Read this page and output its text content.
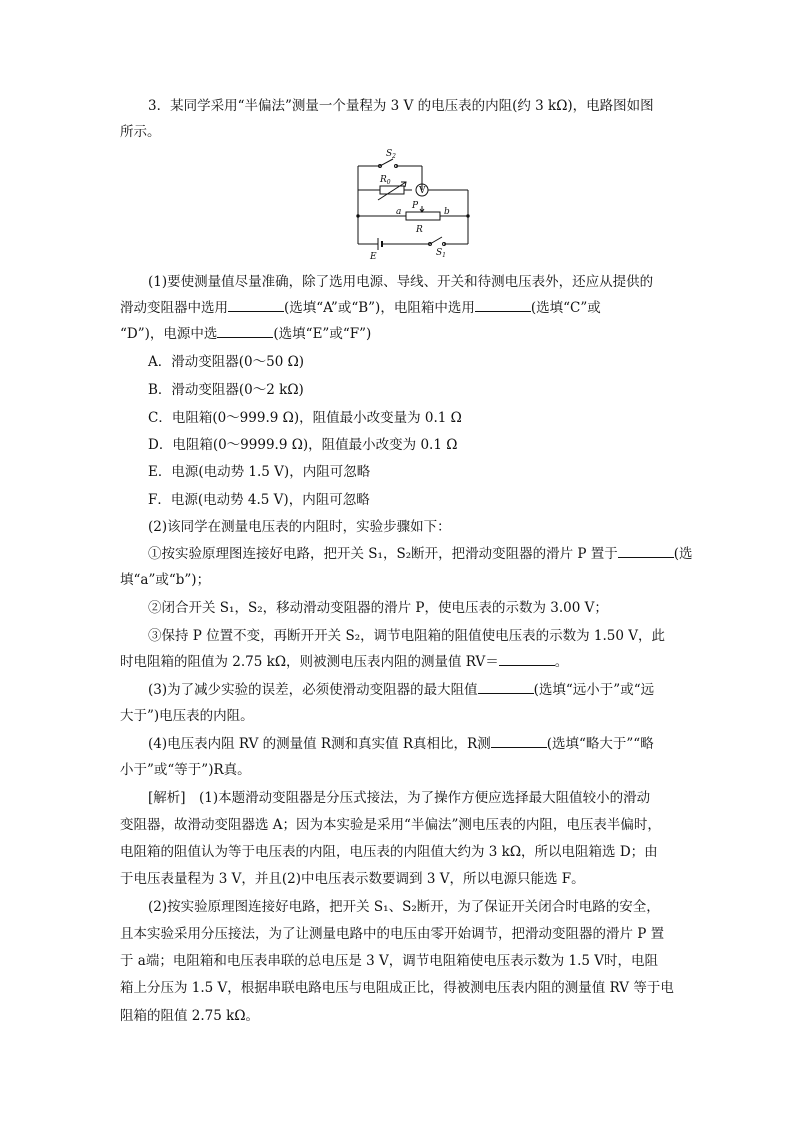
3．某同学采用“半偏法”测量一个量程为 3 V 的电压表的内阻(约 3 kΩ)，电路图如图
所示。
$S_2$
$R_0$
V
a
P
b
R
E	$S_1$
(1)要使测量值尽量准确，除了选用电源、导线、开关和待测电压表外，还应从提供的
滑动变阻器中选用	(选填“A”或“B”)，电阻箱中选用	(选填“C”或
“D”)，电源中选	(选填“E”或“F”)
A．滑动变阻器(0～50 Ω)
B．滑动变阻器(0～2 kΩ)
C．电阻箱(0～999.9 Ω)，阻值最小改变量为 0.1 Ω
D．电阻箱(0～9999.9 Ω)，阻值最小改变为 0.1 Ω
E．电源(电动势 1.5 V)，内阻可忽略
F．电源(电动势 4.5 V)，内阻可忽略
(2)该同学在测量电压表的内阻时，实验步骤如下：
①按实验原理图连接好电路，把开关 S₁，S₂断开，把滑动变阻器的滑片 P 置于	(选
填“a”或“b”)；
②闭合开关 S₁，S₂，移动滑动变阻器的滑片 P，使电压表的示数为 3.00 V；
③保持 P 位置不变，再断开开关 S₂，调节电阻箱的阻值使电压表的示数为 1.50 V，此
时电阻箱的阻值为 2.75 kΩ，则被测电压表内阻的测量值 RV＝	。
(3)为了减少实验的误差，必须使滑动变阻器的最大阻值	(选填“远小于”或“远
大于”)电压表的内阻。
(4)电压表内阻 RV 的测量值 R测和真实值 R真相比，R测	(选填“略大于”“略
小于”或“等于”)R真。
[解析]　(1)本题滑动变阻器是分压式接法，为了操作方便应选择最大阻值较小的滑动
变阻器，故滑动变阻器选 A；因为本实验是采用“半偏法”测电压表的内阻，电压表半偏时，
电阻箱的阻值认为等于电压表的内阻，电压表的内阻值大约为 3 kΩ，所以电阻箱选 D；由
于电压表量程为 3 V，并且(2)中电压表示数要调到 3 V，所以电源只能选 F。
(2)按实验原理图连接好电路，把开关 S₁、S₂断开，为了保证开关闭合时电路的安全，
且本实验采用分压接法，为了让测量电路中的电压由零开始调节，把滑动变阻器的滑片 P 置
于 a端；电阻箱和电压表串联的总电压是 3 V，调节电阻箱使电压表示数为 1.5 V时，电阻
箱上分压为 1.5 V，根据串联电路电压与电阻成正比，得被测电压表内阻的测量值 RV 等于电
阻箱的阻值 2.75 kΩ。
